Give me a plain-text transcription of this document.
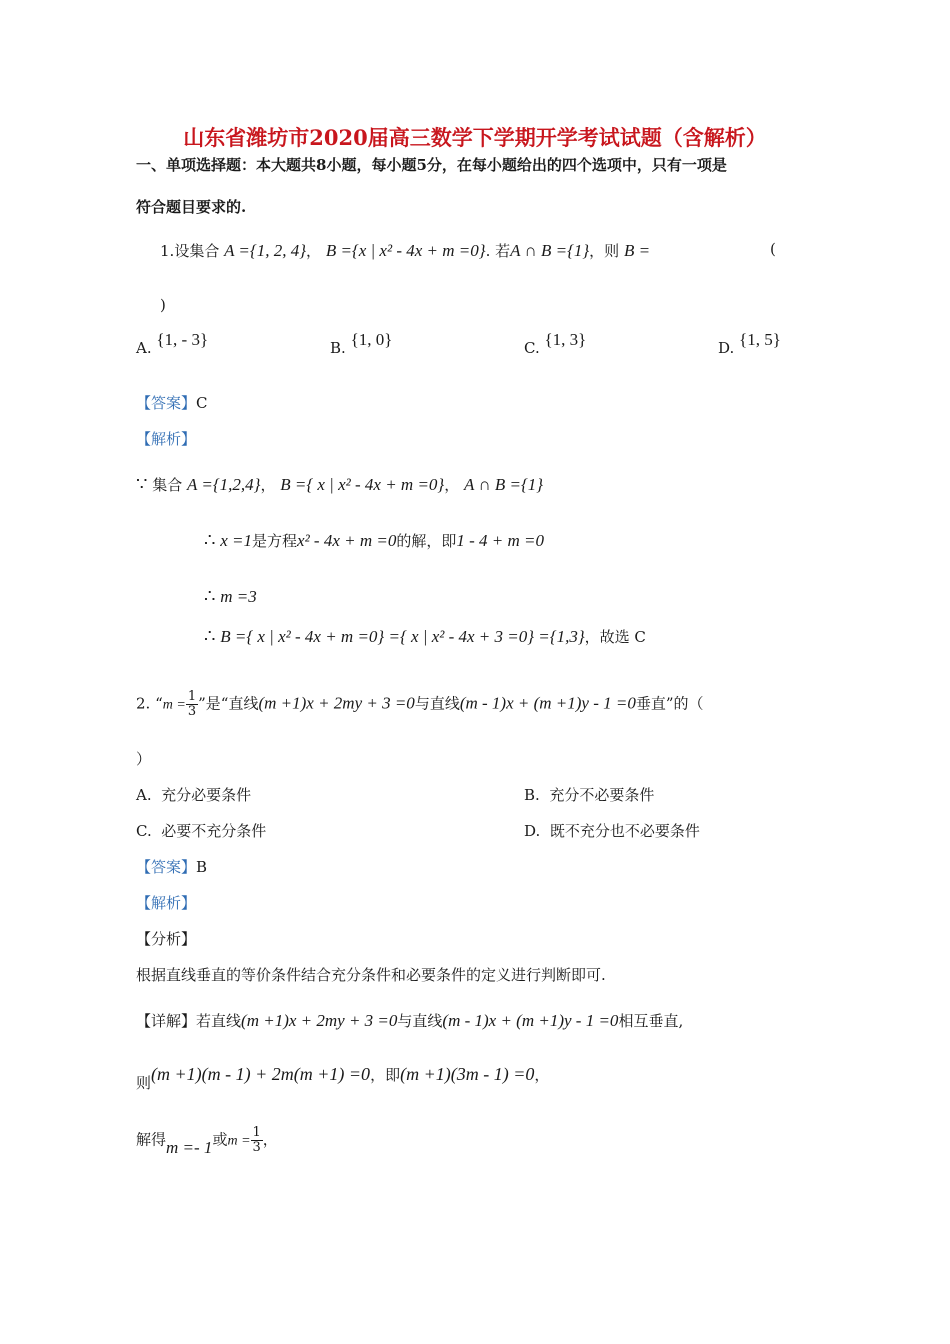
山东省潍坊市2020届高三数学下学期开学考试试题（含解析）
一、单项选择题：本大题共8小题，每小题5分，在每小题给出的四个选项中，只有一项是
符合题目要求的.
1.设集合 A ={1, 2, 4}， B ={x | x² - 4x + m =0}. 若A ∩ B ={1}，则 B =	(
)
A. {1, - 3}	B. {1, 0}	C. {1, 3}	D. {1, 5}
【答案】C
【解析】
∵ 集合 A ={1,2,4}， B ={ x | x² - 4x + m =0}， A ∩ B ={1}
∴ x =1是方程x² - 4x + m =0的解，即1 - 4 + m =0
∴ m =3
∴ B ={ x | x² - 4x + m =0} ={ x | x² - 4x + 3 =0} ={1,3}，故选 C
2. “$m = \frac{1}{3}$ ”是“直线(m +1)x + 2my + 3 =0与直线(m - 1)x + (m +1)y - 1 =0垂直”的（
）
A. 充分必要条件	B. 充分不必要条件
C. 必要不充分条件	D. 既不充分也不必要条件
【答案】B
【解析】
【分析】
根据直线垂直的等价条件结合充分条件和必要条件的定义进行判断即可.
【详解】若直线(m +1)x + 2my + 3 =0与直线(m - 1)x + (m +1)y - 1 =0相互垂直,
则(m +1)(m - 1) + 2m(m +1) =0，即(m +1)(3m - 1) =0，
解得m =- 1或$m = \frac{1}{3}$ ，
